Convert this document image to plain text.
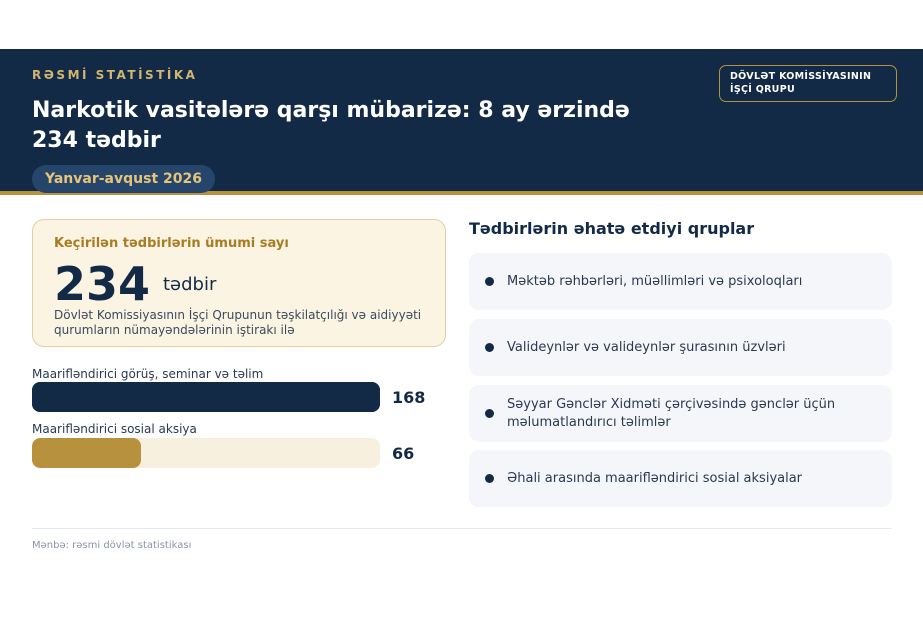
RƏSMİ STATİSTİKA
Narkotik vasitələrə qarşı mübarizə: 8 ay ərzində 234 tədbir
Yanvar-avqust 2026
DÖVLƏT KOMİSSİYASININ
İŞÇİ QRUPU
Keçirilən tədbirlərin ümumi sayı
234 tədbir
Dövlət Komissiyasının İşçi Qrupunun təşkilatçılığı və aidiyyəti qurumların nümayəndələrinin iştirakı ilə
Maarifləndirici görüş, seminar və təlim
168
Maarifləndirici sosial aksiya
66
Tədbirlərin əhatə etdiyi qruplar
Məktəb rəhbərləri, müəllimləri və psixoloqları
Valideynlər və valideynlər şurasının üzvləri
Səyyar Gənclər Xidməti çərçivəsində gənclər üçün məlumatlandırıcı təlimlər
Əhali arasında maarifləndirici sosial aksiyalar
Mənbə: rəsmi dövlət statistikası
